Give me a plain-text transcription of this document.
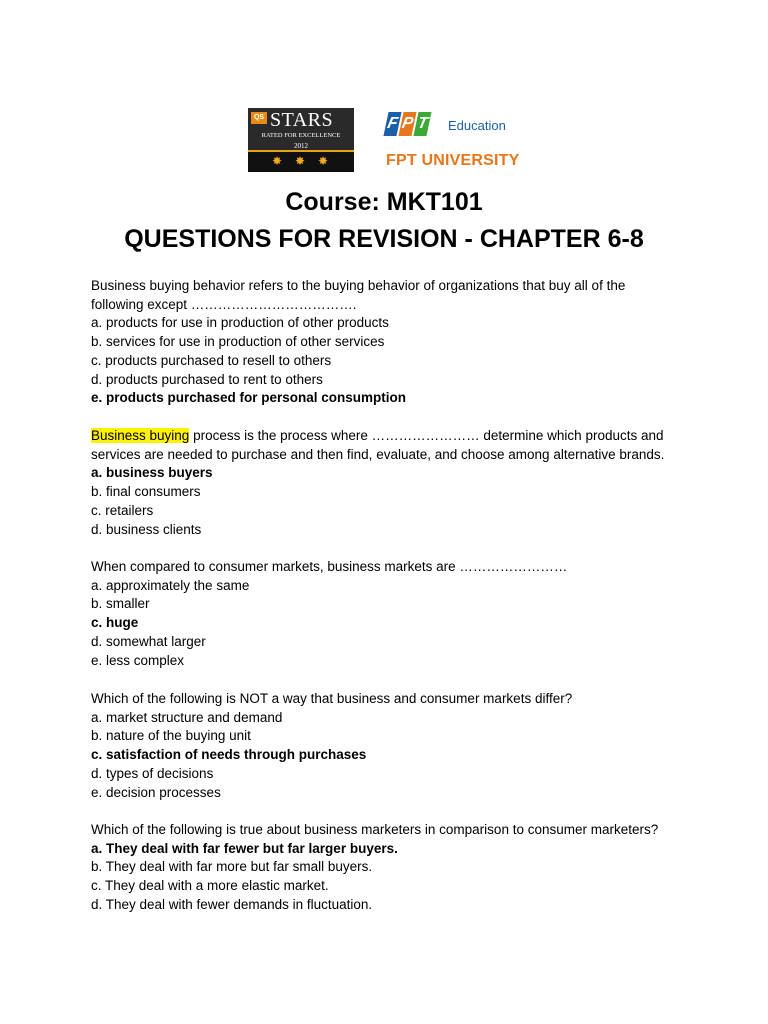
QS STARS
RATED FOR EXCELLENCE
2012
✸ ✸ ✸
F P T Education
FPT UNIVERSITY
Course: MKT101
QUESTIONS FOR REVISION - CHAPTER 6-8
Business buying behavior refers to the buying behavior of organizations that buy all of the
following except ……………………………….
a. products for use in production of other products
b. services for use in production of other services
c. products purchased to resell to others
d. products purchased to rent to others
e. products purchased for personal consumption
Business buying process is the process where …………………… determine which products and
services are needed to purchase and then find, evaluate, and choose among alternative brands.
a. business buyers
b. final consumers
c. retailers
d. business clients
When compared to consumer markets, business markets are ……………………
a. approximately the same
b. smaller
c. huge
d. somewhat larger
e. less complex
Which of the following is NOT a way that business and consumer markets differ?
a. market structure and demand
b. nature of the buying unit
c. satisfaction of needs through purchases
d. types of decisions
e. decision processes
Which of the following is true about business marketers in comparison to consumer marketers?
a. They deal with far fewer but far larger buyers.
b. They deal with far more but far small buyers.
c. They deal with a more elastic market.
d. They deal with fewer demands in fluctuation.
